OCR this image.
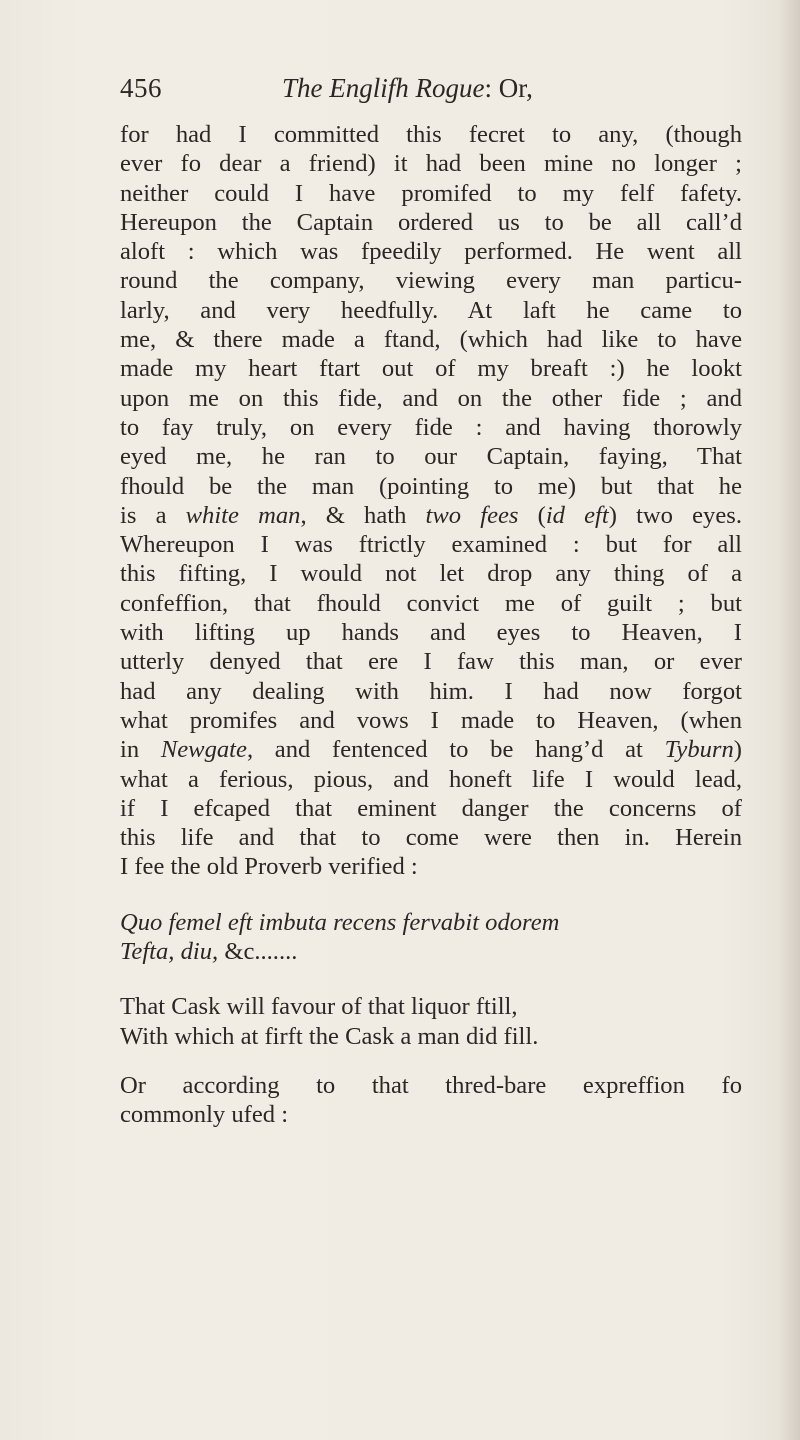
456	The Englifh Rogue: Or,
for had I committed this fecret to any, (though
ever fo dear a friend) it had been mine no longer ;
neither could I have promifed to my felf fafety.
Hereupon the Captain ordered us to be all call’d
aloft : which was fpeedily performed. He went all
round the company, viewing every man particu-
larly, and very heedfully. At laft he came to
me, & there made a ftand, (which had like to have
made my heart ftart out of my breaft :) he lookt
upon me on this fide, and on the other fide ; and
to fay truly, on every fide : and having thorowly
eyed me, he ran to our Captain, faying, That
fhould be the man (pointing to me) but that he
is a white man, & hath two fees (id eft) two eyes.
Whereupon I was ftrictly examined : but for all
this fifting, I would not let drop any thing of a
confeffion, that fhould convict me of guilt ; but
with lifting up hands and eyes to Heaven, I
utterly denyed that ere I faw this man, or ever
had any dealing with him. I had now forgot
what promifes and vows I made to Heaven, (when
in Newgate, and fentenced to be hang’d at Tyburn)
what a ferious, pious, and honeft life I would lead,
if I efcaped that eminent danger the concerns of
this life and that to come were then in. Herein
I fee the old Proverb verified :
Quo femel eft imbuta recens fervabit odorem
Tefta, diu, &c.......
That Cask will favour of that liquor ftill,
With which at firft the Cask a man did fill.
Or according to that thred-bare expreffion fo
commonly ufed :
